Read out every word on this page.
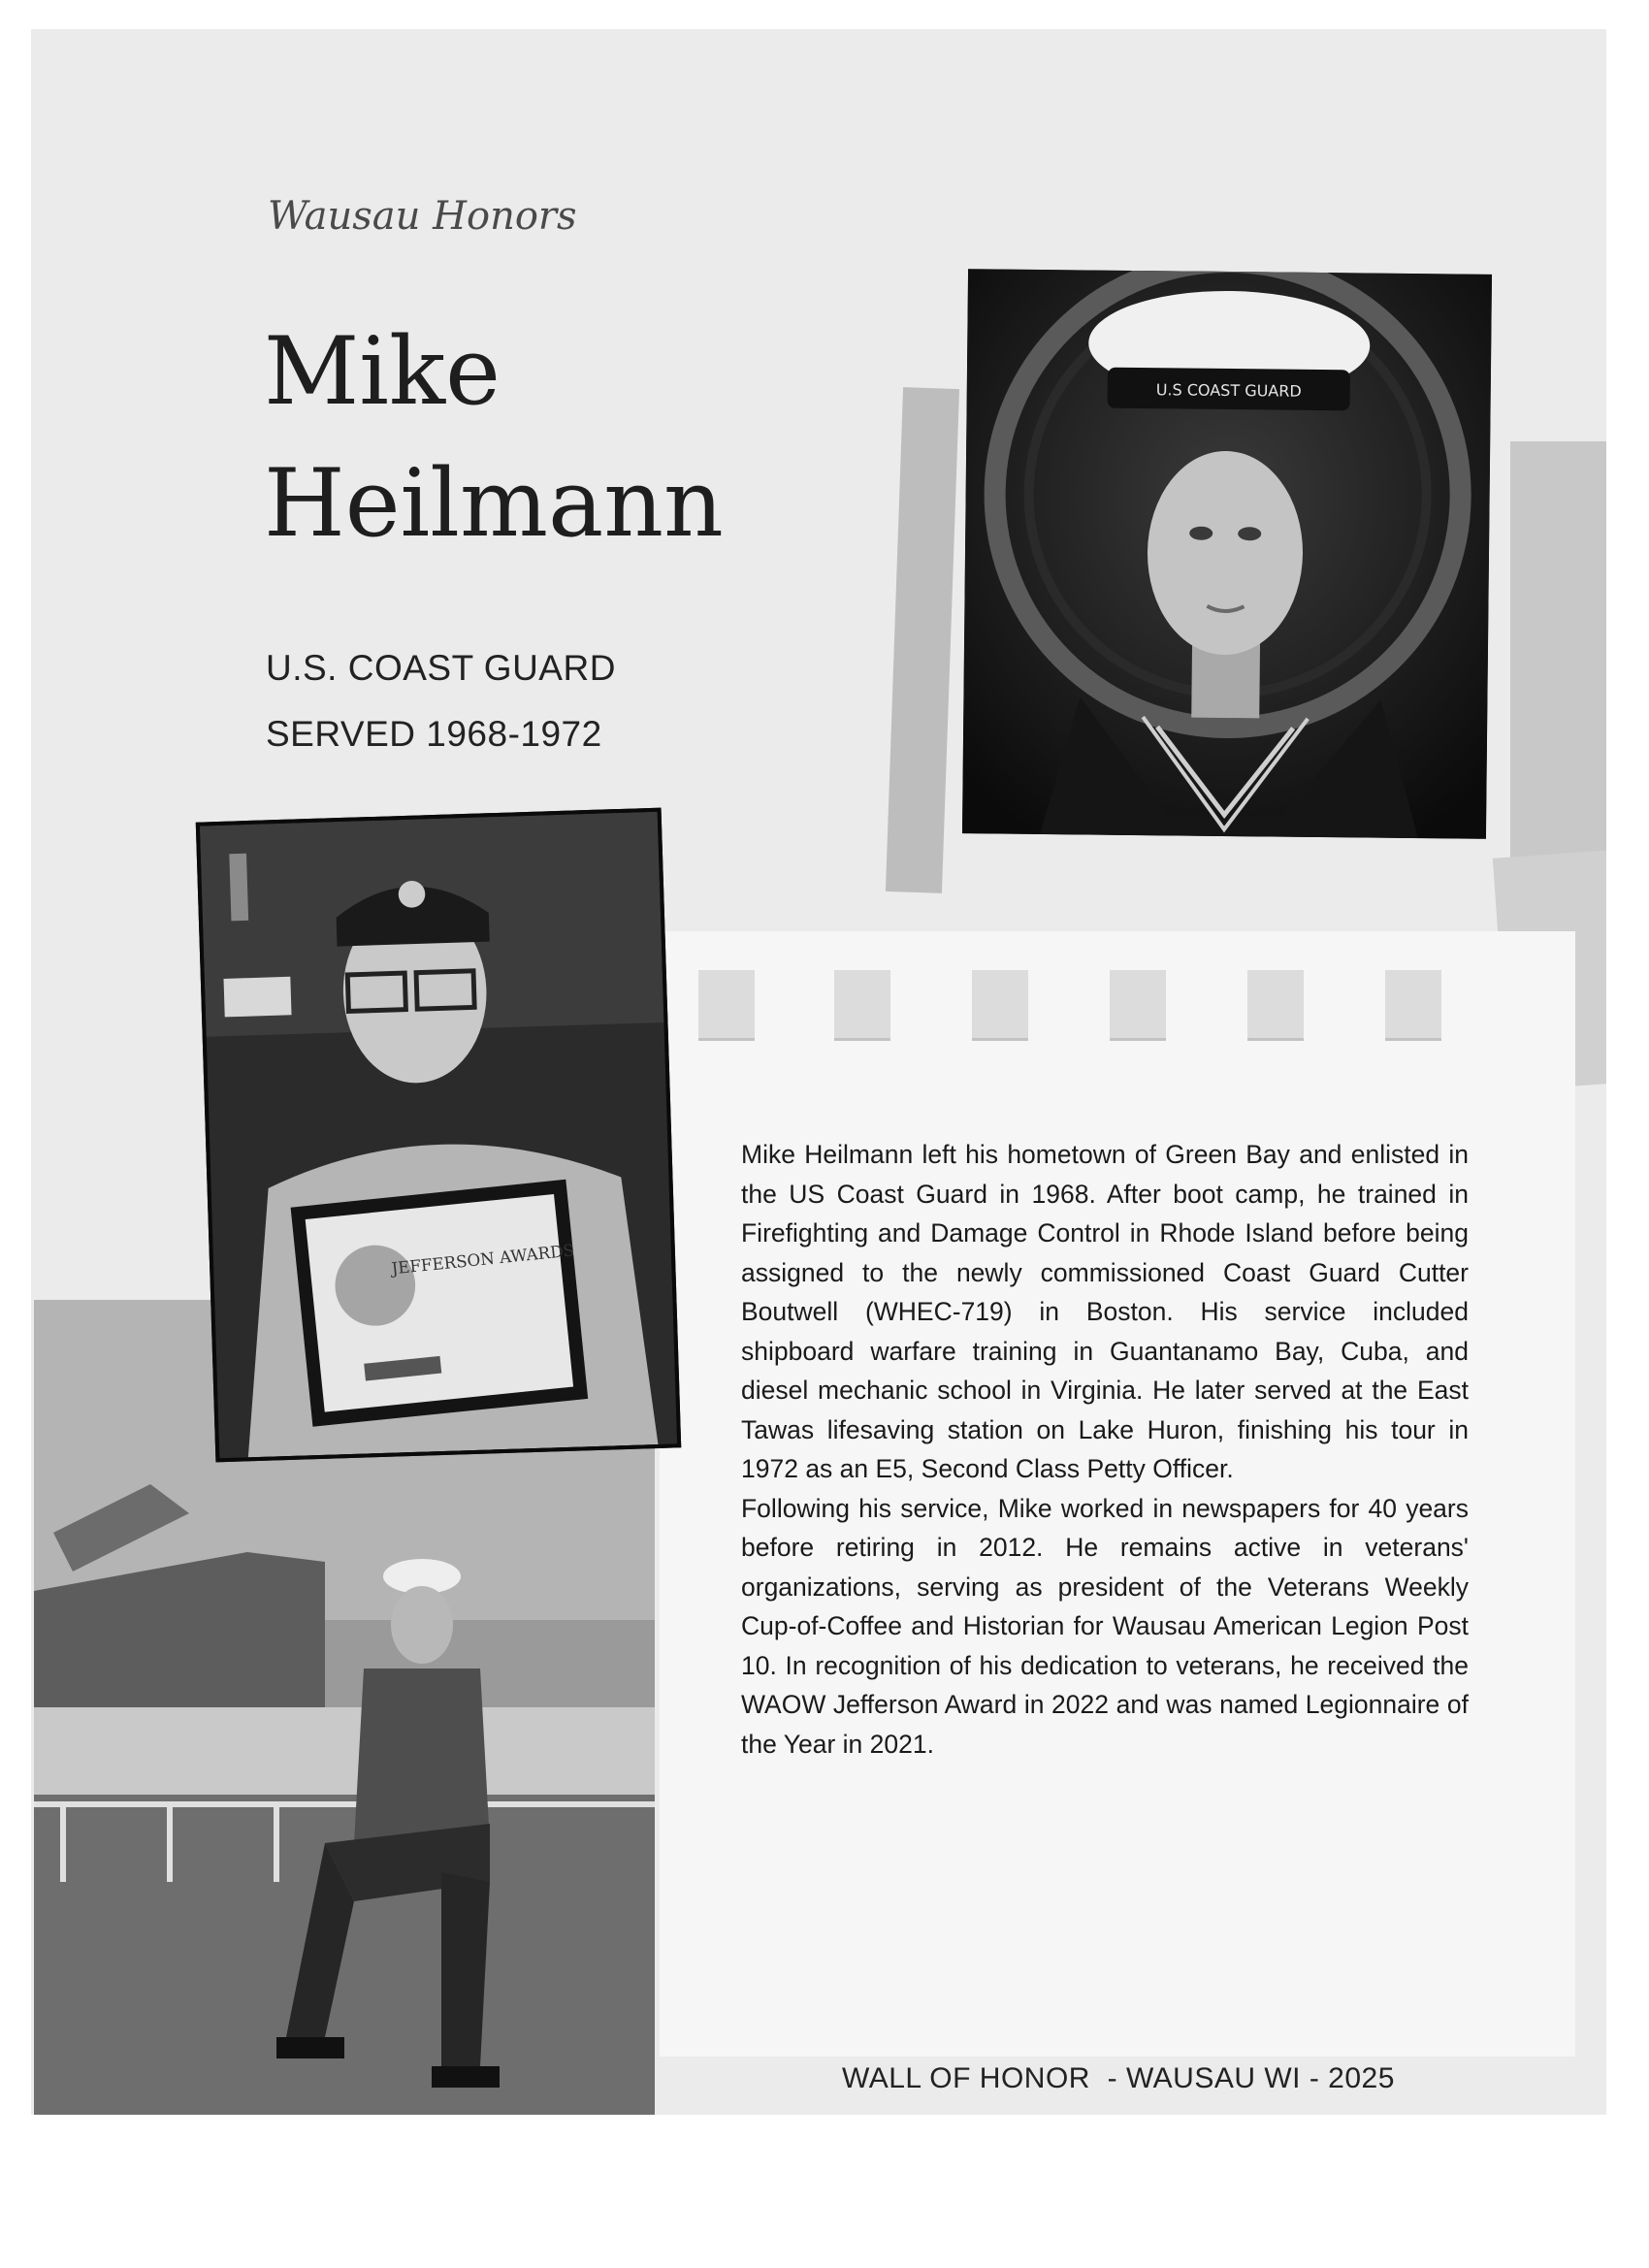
Wausau Honors
Mike
Heilmann
U.S. COAST GUARD
SERVED 1968-1972
U.S COAST GUARD
JEFFERSON AWARDS

Mike Heilmann left his hometown of Green Bay and enlisted in the US Coast Guard in 1968. After boot camp, he trained in Firefighting and Damage Control in Rhode Island before being assigned to the newly commissioned Coast Guard Cutter Boutwell (WHEC-719) in Boston. His service included shipboard warfare training in Guantanamo Bay, Cuba, and diesel mechanic school in Virginia. He later served at the East Tawas lifesaving station on Lake Huron, finishing his tour in 1972 as an E5, Second Class Petty Officer.

Following his service, Mike worked in newspapers for 40 years before retiring in 2012. He remains active in veterans' organizations, serving as president of the Veterans Weekly Cup-of-Coffee and Historian for Wausau American Legion Post 10. In recognition of his dedication to veterans, he received the WAOW Jefferson Award in 2022 and was named Legionnaire of the Year in 2021.

WALL OF HONOR  - WAUSAU WI - 2025
